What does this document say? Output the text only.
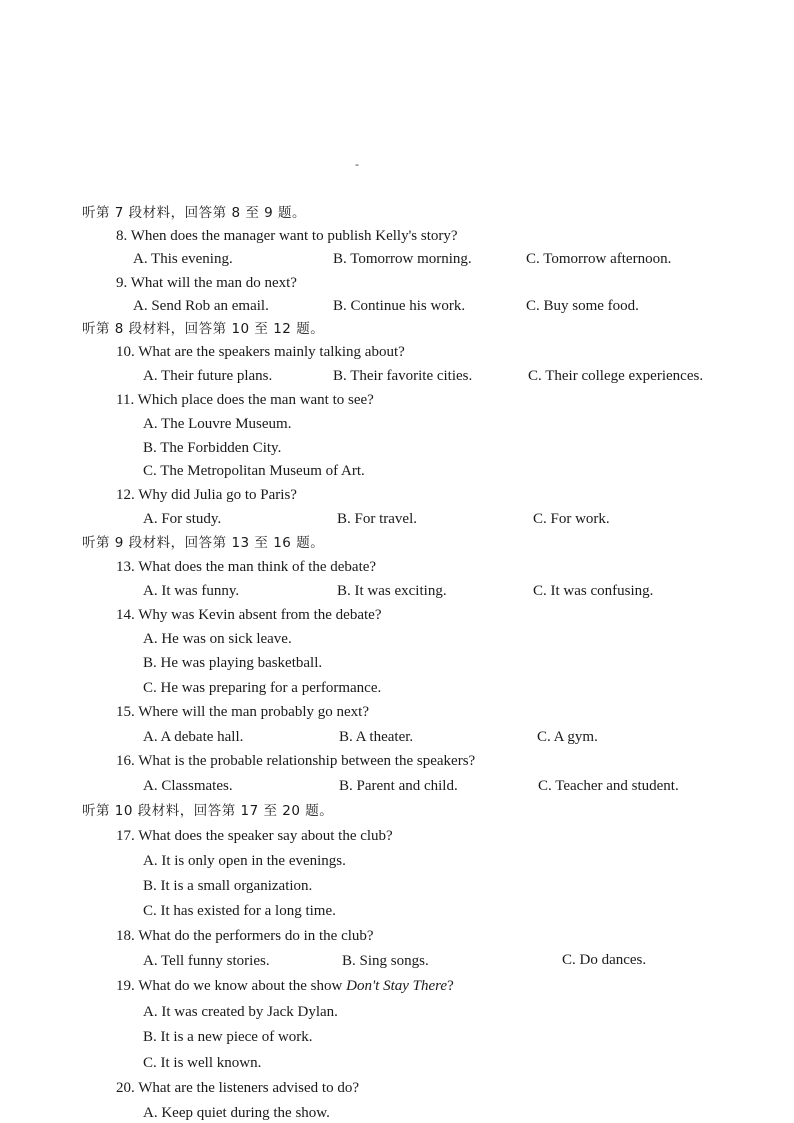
-
听第 7 段材料，回答第 8 至 9 题。
8. When does the manager want to publish Kelly's story?
A. This evening.	B. Tomorrow morning.	C. Tomorrow afternoon.
9. What will the man do next?
A. Send Rob an email.	B. Continue his work.	C. Buy some food.
听第 8 段材料，回答第 10 至 12 题。
10. What are the speakers mainly talking about?
A. Their future plans.	B. Their favorite cities.	C. Their college experiences.
11. Which place does the man want to see?
A. The Louvre Museum.
B. The Forbidden City.
C. The Metropolitan Museum of Art.
12. Why did Julia go to Paris?
A. For study.	B. For travel.	C. For work.
听第 9 段材料，回答第 13 至 16 题。
13. What does the man think of the debate?
A. It was funny.	B. It was exciting.	C. It was confusing.
14. Why was Kevin absent from the debate?
A. He was on sick leave.
B. He was playing basketball.
C. He was preparing for a performance.
15. Where will the man probably go next?
A. A debate hall.	B. A theater.	C. A gym.
16. What is the probable relationship between the speakers?
A. Classmates.	B. Parent and child.	C. Teacher and student.
听第 10 段材料，回答第 17 至 20 题。
17. What does the speaker say about the club?
A. It is only open in the evenings.
B. It is a small organization.
C. It has existed for a long time.
18. What do the performers do in the club?
A. Tell funny stories.	B. Sing songs.	C. Do dances.
19. What do we know about the show Don't Stay There?
A. It was created by Jack Dylan.
B. It is a new piece of work.
C. It is well known.
20. What are the listeners advised to do?
A. Keep quiet during the show.
